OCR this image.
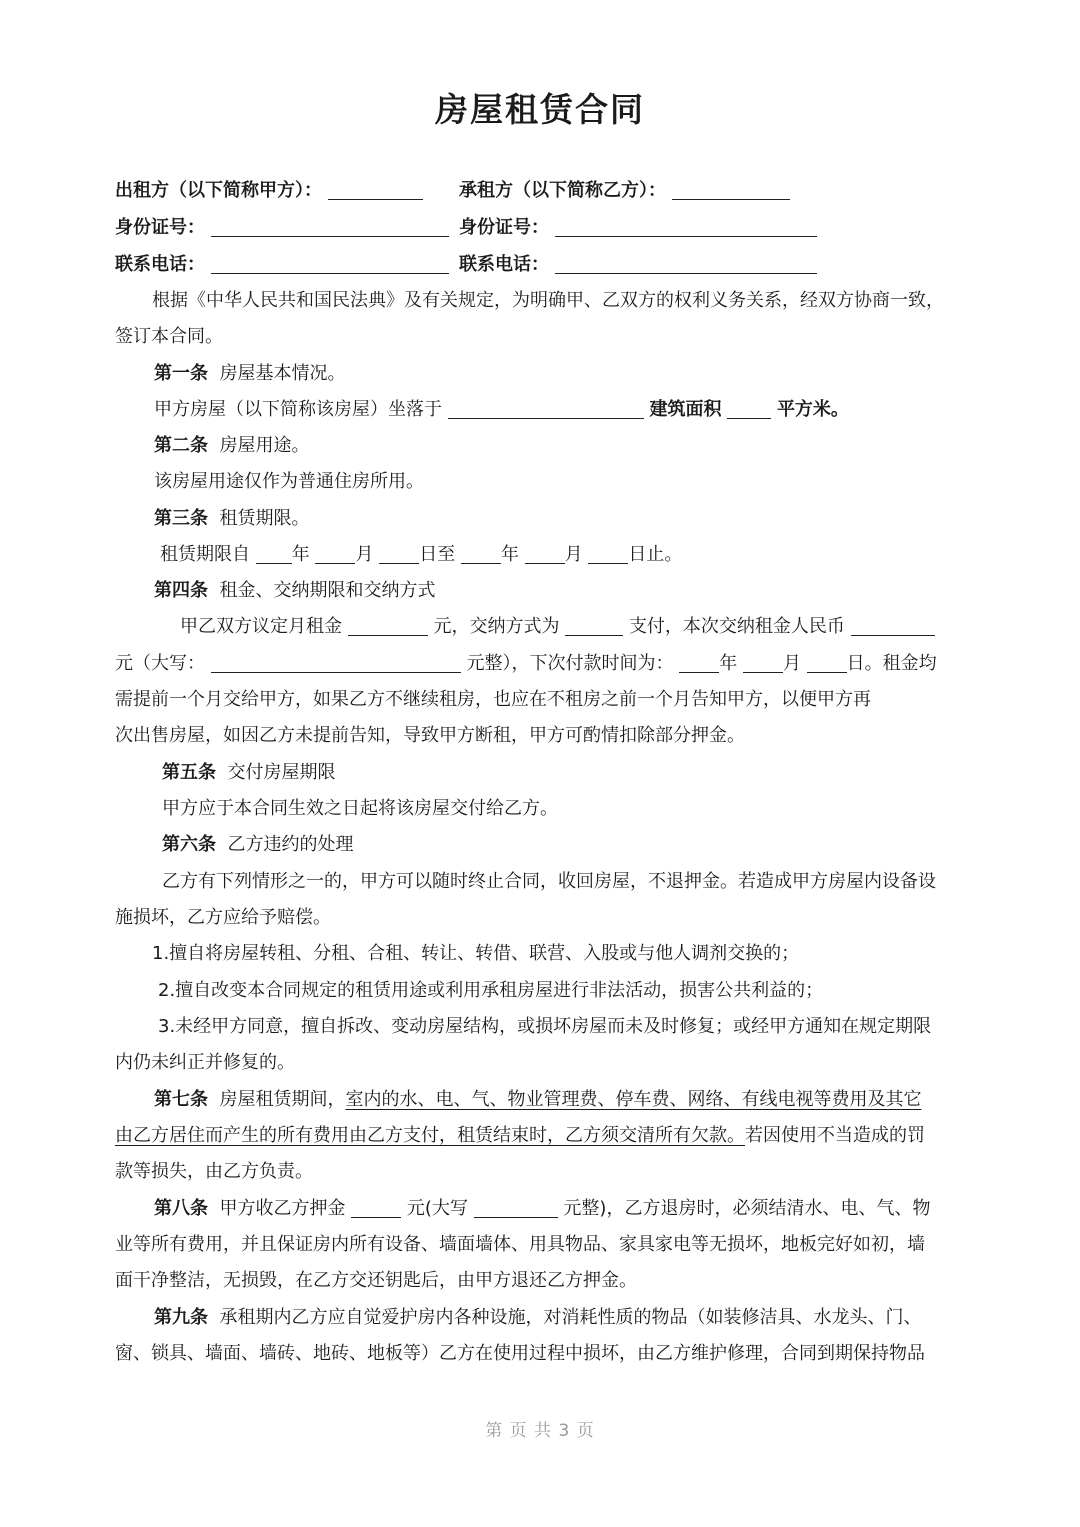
房屋租赁合同
出租方（以下简称甲方）：	承租方（以下简称乙方）：
身份证号：	身份证号：
联系电话：	联系电话：
根据《中华人民共和国民法典》及有关规定，为明确甲、乙双方的权利义务关系，经双方协商一致，
签订本合同。
第一条 房屋基本情况。
甲方房屋（以下简称该房屋）坐落于	建筑面积	平方米。
第二条 房屋用途。
该房屋用途仅作为普通住房所用。
第三条 租赁期限。
租赁期限自 年	月	日至	年	月	日止。
第四条 租金、交纳期限和交纳方式
甲乙双方议定月租金	元，交纳方式为	支付，本次交纳租金人民币
元（大写：	元整），下次付款时间为：	年	月	日。租金均
需提前一个月交给甲方，如果乙方不继续租房，也应在不租房之前一个月告知甲方，以便甲方再
次出售房屋，如因乙方未提前告知，导致甲方断租，甲方可酌情扣除部分押金。
第五条 交付房屋期限
甲方应于本合同生效之日起将该房屋交付给乙方。
第六条 乙方违约的处理
乙方有下列情形之一的，甲方可以随时终止合同，收回房屋，不退押金。若造成甲方房屋内设备设
施损坏，乙方应给予赔偿。
1.擅自将房屋转租、分租、合租、转让、转借、联营、入股或与他人调剂交换的；
2.擅自改变本合同规定的租赁用途或利用承租房屋进行非法活动，损害公共利益的；
3.未经甲方同意，擅自拆改、变动房屋结构，或损坏房屋而未及时修复；或经甲方通知在规定期限
内仍未纠正并修复的。
第七条 房屋租赁期间，室内的水、电、气、物业管理费、停车费、网络、有线电视等费用及其它
由乙方居住而产生的所有费用由乙方支付，租赁结束时，乙方须交清所有欠款。若因使用不当造成的罚
款等损失，由乙方负责。
第八条 甲方收乙方押金	元(大写	元整)，乙方退房时，必须结清水、电、气、物
业等所有费用，并且保证房内所有设备、墙面墙体、用具物品、家具家电等无损坏，地板完好如初，墙
面干净整洁，无损毁，在乙方交还钥匙后，由甲方退还乙方押金。
第九条 承租期内乙方应自觉爱护房内各种设施，对消耗性质的物品（如装修洁具、水龙头、门、
窗、锁具、墙面、墙砖、地砖、地板等）乙方在使用过程中损坏，由乙方维护修理，合同到期保持物品
第 页 共 3 页
